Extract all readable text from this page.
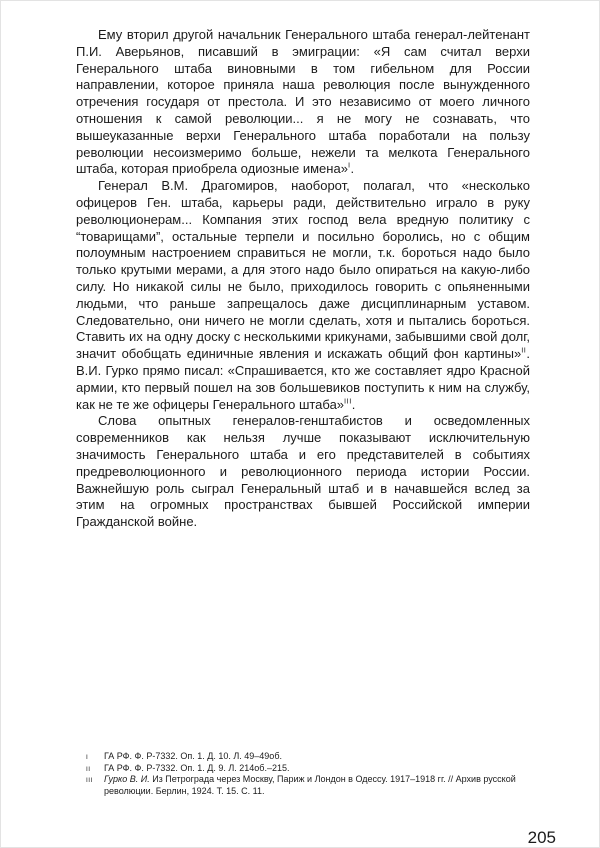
Ему вторил другой начальник Генерального штаба генерал-лейтенант П.И. Аверьянов, писавший в эмиграции: «Я сам считал верхи Генерального штаба виновными в том гибельном для России направлении, которое приняла наша революция после вынужденного отречения государя от престола. И это независимо от моего личного отношения к самой революции... я не могу не сознавать, что вышеуказанные верхи Генерального штаба поработали на пользу революции несоизмеримо больше, нежели та мелкота Генерального штаба, которая приобрела одиозные имена»$^I$.

Генерал В.М. Драгомиров, наоборот, полагал, что «несколько офицеров Ген. штаба, карьеры ради, действительно играло в руку революционерам... Компания этих господ вела вредную политику с “товарищами”, остальные терпели и посильно боролись, но с общим полоумным настроением справиться не могли, т.к. бороться надо было только крутыми мерами, а для этого надо было опираться на какую-либо силу. Но никакой силы не было, приходилось говорить с опьяненными людьми, что раньше запрещалось даже дисциплинарным уставом. Следовательно, они ничего не могли сделать, хотя и пытались бороться. Ставить их на одну доску с несколькими крикунами, забывшими свой долг, значит обобщать единичные явления и искажать общий фон картины»$^{II}$. В.И. Гурко прямо писал: «Спрашивается, кто же составляет ядро Красной армии, кто первый пошел на зов большевиков поступить к ним на службу, как не те же офицеры Генерального штаба»$^{III}$.

Слова опытных генералов-генштабистов и осведомленных современников как нельзя лучше показывают исключительную значимость Генерального штаба и его представителей в событиях предреволюционного и революционного периода истории России. Важнейшую роль сыграл Генеральный штаб и в начавшейся вслед за этим на огромных пространствах бывшей Российской империи Гражданской войне.

I	ГА РФ. Ф. Р-7332. Оп. 1. Д. 10. Л. 49–49об.
II	ГА РФ. Ф. Р-7332. Оп. 1. Д. 9. Л. 214об.–215.
III	Гурко В. И. Из Петрограда через Москву, Париж и Лондон в Одессу. 1917–1918 гг. // Архив русской революции. Берлин, 1924. Т. 15. С. 11.
205
